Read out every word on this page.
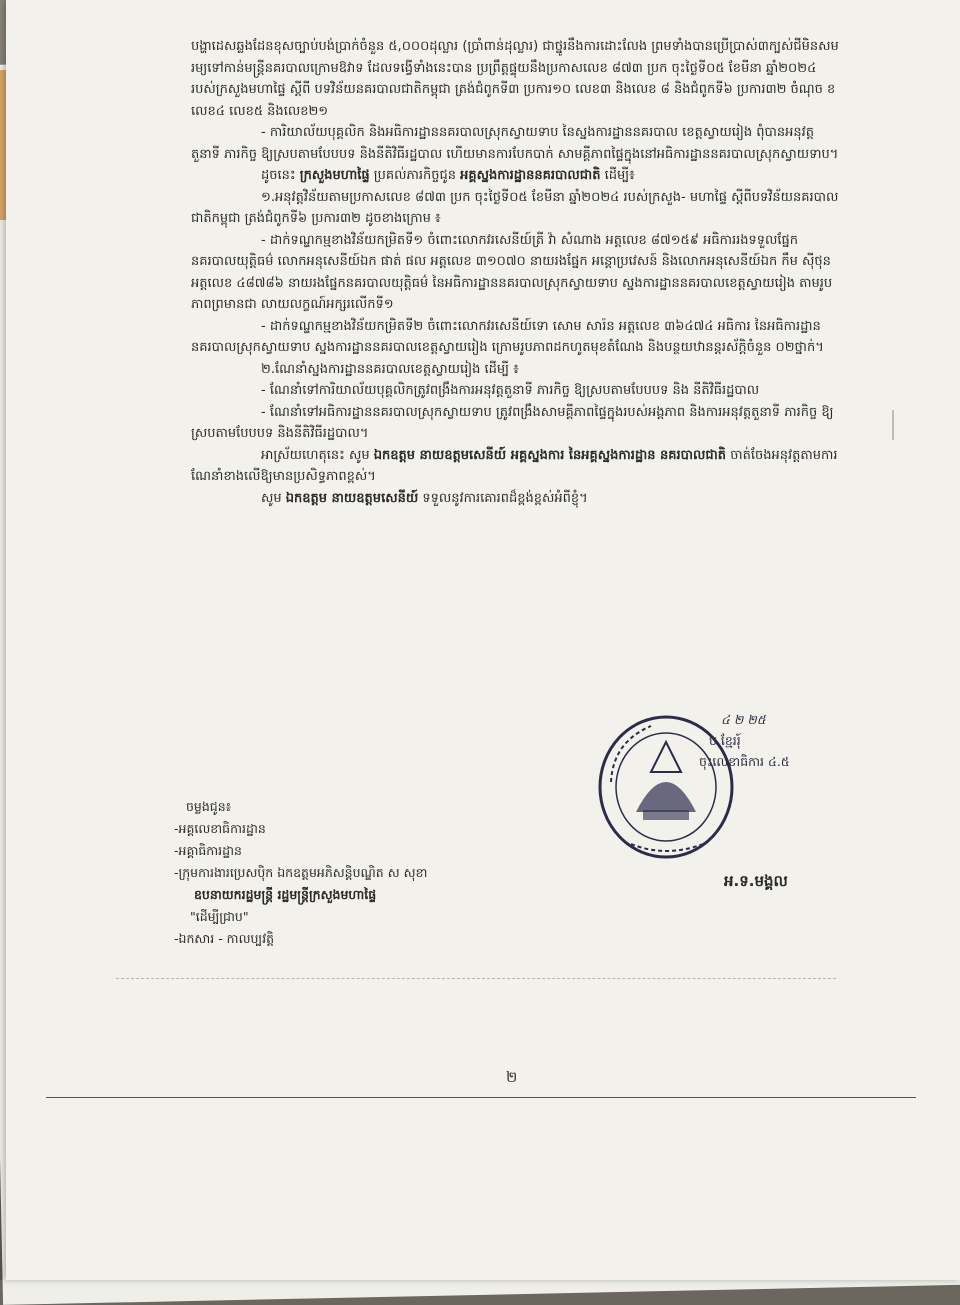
បង្ហាដេសឆ្លងដែនខុសច្បាប់បង់ប្រាក់ចំនួន ៥,០០០ដុល្លារ (ប្រាំពាន់ដុល្លារ) ជាថ្នូរនឹងការដោះលែង ព្រមទាំងបានប្រើប្រាស់៣ក្បស់ជីមិនសមរម្យទៅកាន់មន្ត្រីនគរបាលក្រោមឱវាទ ដែលទង្វើទាំងនេះបាន ប្រព្រឹត្តផ្ទុយនឹងប្រកាសលេខ ៨៧៣ ប្រក ចុះថ្ងៃទី០៥ ខែមីនា ឆ្នាំ២០២៤ របស់ក្រសួងមហាផ្ទៃ ស្តីពី បទវិន័យនគរបាលជាតិកម្ពុជា ត្រង់ជំពូកទី៣ ប្រការ១០ លេខ៣ និងលេខ ៨ និងជំពូកទី៦ ប្រការ៣២ ចំណុច ខ លេខ៤ លេខ៥ និងលេខ២១

- ការិយាល័យបុគ្គលិក និងអធិការដ្ឋាននគរបាលស្រុកស្វាយទាប នៃស្នងការដ្ឋាននគរបាល ខេត្តស្វាយរៀង ពុំបានអនុវត្តតួនាទី ភារកិច្ច ឱ្យស្របតាមបែបបទ និងនីតិវិធីរដ្ឋបាល ហើយមានការបែកបាក់ សាមគ្គីភាពផ្ទៃក្នុងនៅអធិការដ្ឋាននគរបាលស្រុកស្វាយទាប។

ដូចនេះ ក្រសួងមហាផ្ទៃ ប្រគល់ភារកិច្ចជូន អគ្គស្នងការដ្ឋាននគរបាលជាតិ ដើម្បី៖

១.អនុវត្តវិន័យតាមប្រកាសលេខ ៨៧៣ ប្រក ចុះថ្ងៃទី០៥ ខែមីនា ឆ្នាំ២០២៤ របស់ក្រសួង- មហាផ្ទៃ ស្តីពីបទវិន័យនគរបាលជាតិកម្ពុជា ត្រង់ជំពូកទី៦ ប្រការ៣២ ដូចខាងក្រោម ៖

- ដាក់ទណ្ឌកម្មខាងវិន័យកម្រិតទី១ ចំពោះលោកវរសេនីយ៍ត្រី វ៉ា សំណាង អត្តលេខ ៨៧១៥៩ អធិការរងទទួលផ្នែកនគរបាលយុត្តិធម៌ លោកអនុសេនីយ៍ឯក ផាត់ ផល អត្តលេខ ៣១០៧០ នាយរងផ្នែក អន្តោប្រវេសន៍ និងលោកអនុសេនីយ៍ឯក កឹម ស៊ីថុន អត្តលេខ ៤៨៧៨៦ នាយរងផ្នែកនគរបាលយុត្តិធម៌ នៃអធិការដ្ឋាននគរបាលស្រុកស្វាយទាប ស្នងការដ្ឋាននគរបាលខេត្តស្វាយរៀង តាមរូបភាពព្រមានជា លាយលក្ខណ៍អក្សរលើកទី១

- ដាក់ទណ្ឌកម្មខាងវិន័យកម្រិតទី២ ចំពោះលោកវរសេនីយ៍ទោ សោម សារ៉ន អត្តលេខ ៣៦៤៧៤ អធិការ នៃអធិការដ្ឋាននគរបាលស្រុកស្វាយទាប ស្នងការដ្ឋាននគរបាលខេត្តស្វាយរៀង ក្រោមរូបភាពដកហូតមុខតំណែង និងបន្ថយឋានន្តរស័ក្តិចំនួន ០២ថ្នាក់។

២.ណែនាំស្នងការដ្ឋាននគរបាលខេត្តស្វាយរៀង ដើម្បី ៖

- ណែនាំទៅការិយាល័យបុគ្គលិកត្រូវពង្រឹងការអនុវត្តតួនាទី ភារកិច្ច ឱ្យស្របតាមបែបបទ និង នីតិវិធីរដ្ឋបាល

- ណែនាំទៅអធិការដ្ឋាននគរបាលស្រុកស្វាយទាប ត្រូវពង្រឹងសាមគ្គីភាពផ្ទៃក្នុងរបស់អង្គភាព និងការអនុវត្តតួនាទី ភារកិច្ច ឱ្យស្របតាមបែបបទ និងនីតិវិធីរដ្ឋបាល។

អាស្រ័យហេតុនេះ សូម ឯកឧត្តម នាយឧត្តមសេនីយ៍ អគ្គស្នងការ នៃអគ្គស្នងការដ្ឋាន នគរបាលជាតិ ចាត់ចែងអនុវត្តតាមការណែនាំខាងលើឱ្យមានប្រសិទ្ធភាពខ្ពស់។

សូម ឯកឧត្តម នាយឧត្តមសេនីយ៍ ទទួលនូវការគោរពដ៏ខ្ពង់ខ្ពស់អំពីខ្ញុំ។

៤ ២ ២៥
ប.ខ្មែររុ៍
ចុះលេខាធិការ ៤.៥
អ.ទ.មង្គល
ចម្លងជូន៖
-អគ្គលេខាធិការដ្ឋាន
-អគ្គាធិការដ្ឋាន
-ក្រុមការងារប្រេសប៉ិក ឯកឧត្តមអភិសន្តិបណ្ឌិត ស សុខា
ឧបនាយករដ្ឋមន្ត្រី រដ្ឋមន្ត្រីក្រសួងមហាផ្ទៃ
"ដើម្បីជ្រាប"
-ឯកសារ - កាលប្បវត្តិ
២
